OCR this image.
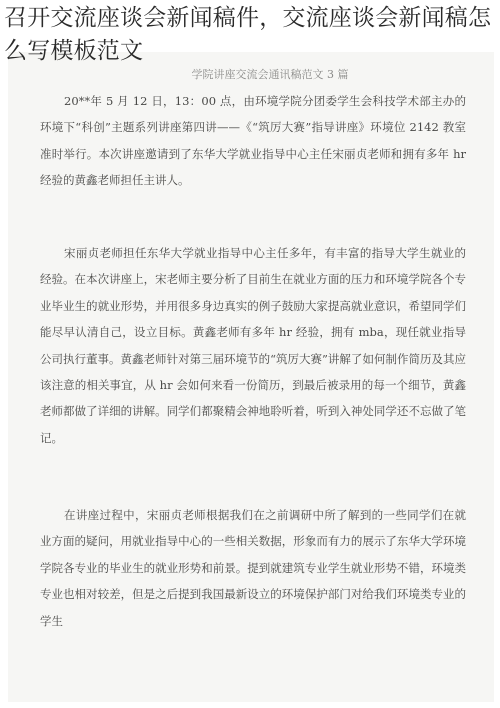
召开交流座谈会新闻稿件，交流座谈会新闻稿怎么写模板范文
学院讲座交流会通讯稿范文 3 篇

20**年 5 月 12 日，13：00 点，由环境学院分团委学生会科技学术部主办的环境下“科创”主题系列讲座第四讲——《“筑厉大赛”指导讲座》环境位 2142 教室准时举行。本次讲座邀请到了东华大学就业指导中心主任宋丽贞老师和拥有多年 hr 经验的黄鑫老师担任主讲人。

宋丽贞老师担任东华大学就业指导中心主任多年，有丰富的指导大学生就业的经验。在本次讲座上，宋老师主要分析了目前生在就业方面的压力和环境学院各个专业毕业生的就业形势，并用很多身边真实的例子鼓励大家提高就业意识，希望同学们能尽早认清自己，设立目标。黄鑫老师有多年 hr 经验，拥有 mba，现任就业指导公司执行董事。黄鑫老师针对第三届环境节的“筑厉大赛”讲解了如何制作简历及其应该注意的相关事宜，从 hr 会如何来看一份简历，到最后被录用的每一个细节，黄鑫老师都做了详细的讲解。同学们都聚精会神地聆听着，听到入神处同学还不忘做了笔记。

在讲座过程中，宋丽贞老师根据我们在之前调研中所了解到的一些同学们在就业方面的疑问，用就业指导中心的一些相关数据，形象而有力的展示了东华大学环境学院各专业的毕业生的就业形势和前景。提到就建筑专业学生就业形势不错，环境类专业也相对较差，但是之后提到我国最新设立的环境保护部门对给我们环境类专业的学生
